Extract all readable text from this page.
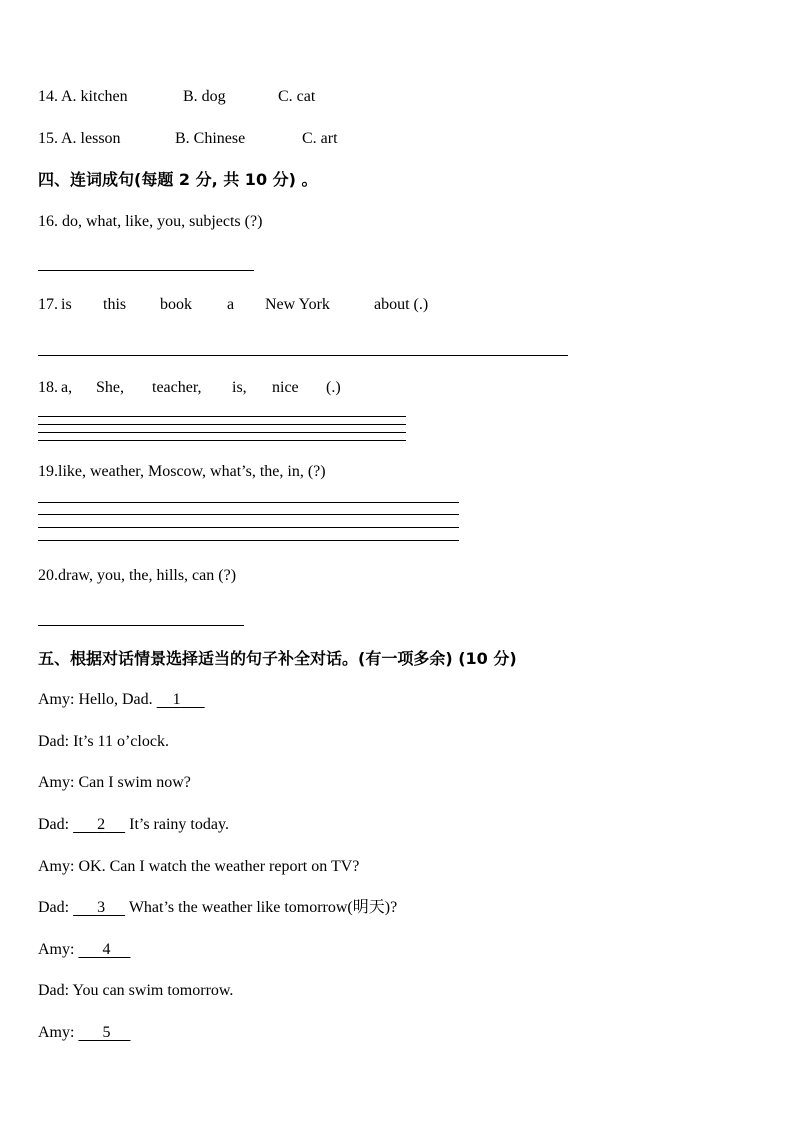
14. A. kitchen	B. dog	C. cat
15. A. lesson	B. Chinese	C. art
四、连词成句(每题 2 分, 共 10 分) 。
16. do, what, like, you, subjects (?)
17. is this book a New York	about (.)
18. a, She, teacher, is, nice (.)
19.like, weather, Moscow, what’s, the, in, (?)
20.draw, you, the, hills, can (?)
五、根据对话情景选择适当的句子补全对话。(有一项多余) (10 分)
Amy: Hello, Dad. 1
Dad: It’s 11 o’clock.
Amy: Can I swim now?
Dad: 2 It’s rainy today.
Amy: OK. Can I watch the weather report on TV?
Dad: 3 What’s the weather like tomorrow(明天)?
Amy: 4
Dad: You can swim tomorrow.
Amy: 5
